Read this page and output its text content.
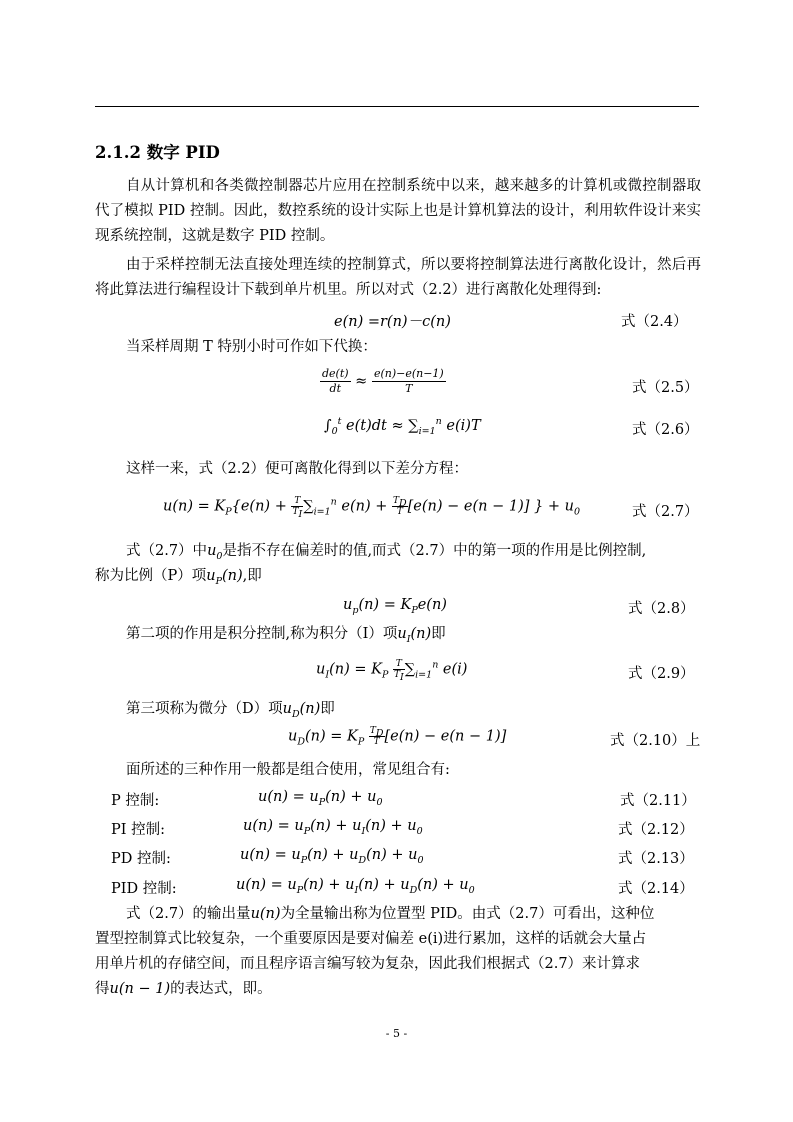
2.1.2 数字 PID

自从计算机和各类微控制器芯片应用在控制系统中以来，越来越多的计算机或微控制器取代了模拟 PID 控制。因此，数控系统的设计实际上也是计算机算法的设计，利用软件设计来实现系统控制，这就是数字 PID 控制。

由于采样控制无法直接处理连续的控制算式，所以要将控制算法进行离散化设计，然后再将此算法进行编程设计下载到单片机里。所以对式（2.2）进行离散化处理得到:

e(n) =r(n)－c(n)	式（2.4）
当采样周期 T 特别小时可作如下代换：
$\frac{de(t)}{dt} \approx \frac{e(n)-e(n-1)}{T}$	式（2.5）
$\int_0^t$ $e(t)dt \approx \sum_{i=1}^n$ e(i)T	式（2.6）
这样一来，式（2.2）便可离散化得到以下差分方程：
$u(n) = K_P\{e(n) + \frac{T}{T_I} \sum_{i=1}^n$ $e(n) + \frac{T_D}{T} [e(n) - e(n - 1)]$ } + $u_0$	式（2.7）
式（2.7）中$u_0$是指不存在偏差时的值,而式（2.7）中的第一项的作用是比例控制,
称为比例（P）项$u_P(n)$,即
$u_p(n) = K_Pe(n)$	式（2.8）
第二项的作用是积分控制,称为积分（I）项$u_I(n)$即
$u_I(n) = K_P \frac{T}{T_I} \sum_{i=1}^n$ e(i)	式（2.9）
第三项称为微分（D）项$u_D(n)$即
$u_D(n) = K_P \frac{T_D}{T} [e(n) - e(n - 1)]$	式（2.10）上
面所述的三种作用一般都是组合使用，常见组合有:
P 控制:	$u(n) = u_P(n) + u_0$	式（2.11）
PI 控制:	$u(n) = u_P(n) + u_I(n) + u_0$	式（2.12）
PD 控制:	$u(n) = u_P(n) + u_D(n) + u_0$	式（2.13）
PID 控制:	$u(n) = u_P(n) + u_I(n) + u_D(n) + u_0$	式（2.14）
式（2.7）的输出量u(n)为全量输出称为位置型 PID。由式（2.7）可看出，这种位
置型控制算式比较复杂，一个重要原因是要对偏差 e(i)进行累加，这样的话就会大量占
用单片机的存储空间，而且程序语言编写较为复杂，因此我们根据式（2.7）来计算求
得u(n − 1)的表达式，即。
- 5 -
